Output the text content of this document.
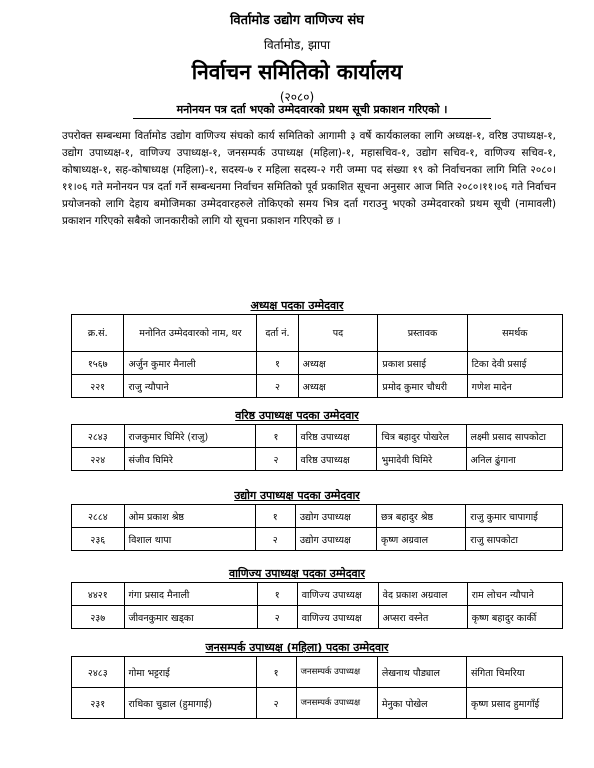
विर्तामोड उद्योग वाणिज्य संघ
विर्तामोड, झापा
निर्वाचन समितिको कार्यालय
(२०८०)
मनोनयन पत्र दर्ता भएको उम्मेदवारको प्रथम सूची प्रकाशन गरिएको ।
उपरोक्त सम्बन्धमा विर्तामोड उद्योग वाणिज्य संघको कार्य समितिको आगामी ३ वर्षे कार्यकालका लागि अध्यक्ष-१, वरिष्ठ उपाध्यक्ष-१, उद्योग उपाध्यक्ष-१, वाणिज्य उपाध्यक्ष-१, जनसम्पर्क उपाध्यक्ष (महिला)-१, महासचिव-१, उद्योग सचिव-१, वाणिज्य सचिव-१, कोषाध्यक्ष-१, सह-कोषाध्यक्ष (महिला)-१, सदस्य-७ र महिला सदस्य-२ गरी जम्मा पद संख्या १९ को निर्वाचनका लागि मिति २०८०।११।०६ गते मनोनयन पत्र दर्ता गर्ने सम्बन्धनमा निर्वाचन समितिको पूर्व प्रकाशित सूचना अनुसार आज मिति २०८०।११।०६ गते निर्वाचन प्रयोजनको लागि देहाय बमोजिमका उम्मेदवारहरुले तोकिएको समय भित्र दर्ता गराउनु भएको उम्मेदवारको प्रथम सूची (नामावली) प्रकाशन गरिएको सबैको जानकारीको लागि यो सूचना प्रकाशन गरिएको छ ।
अध्यक्ष पदका उम्मेदवार
क्र.सं.	मनोनित उम्मेदवारको नाम, थर	दर्ता नं.	पद	प्रस्तावक	समर्थक
१५६७	अर्जुन कुमार मैनाली	१	अध्यक्ष	प्रकाश प्रसाई	टिका देवी प्रसाई
२२१	राजु न्यौपाने	२	अध्यक्ष	प्रमोद कुमार चौधरी	गणेश मादेन
वरिष्ठ उपाध्यक्ष पदका उम्मेदवार
२८४३	राजकुमार घिमिरे (राजु)	१	वरिष्ठ उपाध्यक्ष	चित्र बहादुर पोखरेल	लक्ष्मी प्रसाद सापकोटा
२२४	संजीव घिमिरे	२	वरिष्ठ उपाध्यक्ष	भुमादेवी घिमिरे	अनिल ढुंगाना
उद्योग उपाध्यक्ष पदका उम्मेदवार
२८८४	ओम प्रकाश श्रेष्ठ	१	उद्योग उपाध्यक्ष	छत्र बहादुर श्रेष्ठ	राजु कुमार चापागाई
२३६	विशाल थापा	२	उद्योग उपाध्यक्ष	कृष्ण अग्रवाल	राजु सापकोटा
वाणिज्य उपाध्यक्ष पदका उम्मेदवार
४४२१	गंगा प्रसाद मैनाली	१	वाणिज्य उपाध्यक्ष	वेद प्रकाश अग्रवाल	राम लोचन न्यौपाने
२३७	जीवनकुमार खड्का	२	वाणिज्य उपाध्यक्ष	अप्सरा वस्नेत	कृष्ण बहादुर कार्की
जनसम्पर्क उपाध्यक्ष (महिला) पदका उम्मेदवार
२४८३	गोमा भट्टराई	१	जनसम्पर्क उपाध्यक्ष	लेखनाथ पौड्याल	संगिता चिमरिया
२३१	राधिका चुडाल (हुमागाई)	२	जनसम्पर्क उपाध्यक्ष	मेनुका पोखेल	कृष्ण प्रसाद हुमागाँई
